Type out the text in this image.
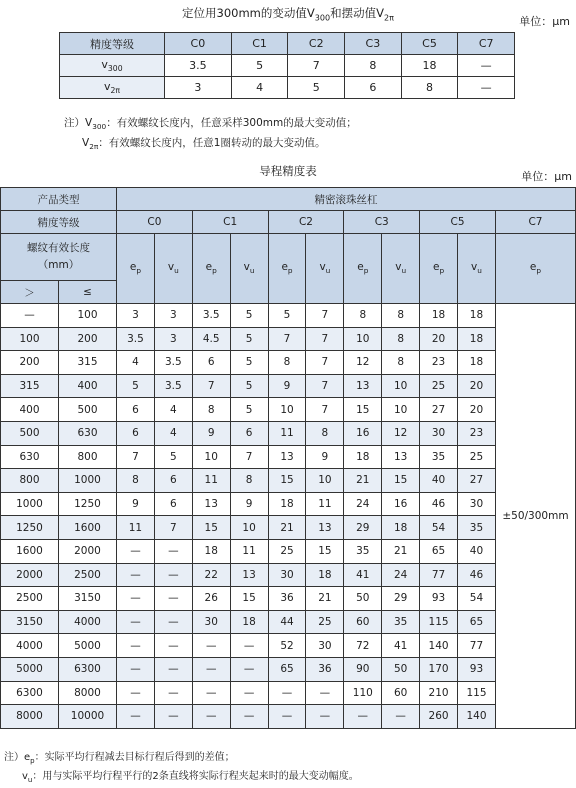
定位用300mm的变动值$V_{300}$和摆动值$V_{2\pi}$	单位：μm
精度等级	C0	C1	C2	C3	C5	C7
$v_{300}$	3.5	5	7	8	18	—
$v_{2\pi}$	3	4	5	6	8	—
注）$V_{300}$：有效螺纹长度内，任意采样300mm的最大变动值；
$V_{2\pi}$：有效螺纹长度内，任意1圈转动的最大变动值。
导程精度表	单位：μm
产品类型		精密滚珠丝杠										
精度等级		C0		C1		C2		C3		C5		C7
螺纹有效长度
（mm）		$e_p$	$v_u$	$e_p$	$v_u$	$e_p$	$v_u$	$e_p$	$v_u$	$e_p$	$v_u$	$e_p$
＞	≤											
—	100	3	3	3.5	5	5	7	8	8	18	18	±50/300mm
100	200	3.5	3	4.5	5	7	7	10	8	20	18	
200	315	4	3.5	6	5	8	7	12	8	23	18	
315	400	5	3.5	7	5	9	7	13	10	25	20	
400	500	6	4	8	5	10	7	15	10	27	20	
500	630	6	4	9	6	11	8	16	12	30	23	
630	800	7	5	10	7	13	9	18	13	35	25	
800	1000	8	6	11	8	15	10	21	15	40	27	
1000	1250	9	6	13	9	18	11	24	16	46	30	
1250	1600	11	7	15	10	21	13	29	18	54	35	
1600	2000	—	—	18	11	25	15	35	21	65	40	
2000	2500	—	—	22	13	30	18	41	24	77	46	
2500	3150	—	—	26	15	36	21	50	29	93	54	
3150	4000	—	—	30	18	44	25	60	35	115	65	
4000	5000	—	—	—	—	52	30	72	41	140	77	
5000	6300	—	—	—	—	65	36	90	50	170	93	
6300	8000	—	—	—	—	—	—	110	60	210	115	
8000	10000	—	—	—	—	—	—	—	—	260	140	
注）$e_p$：实际平均行程减去目标行程后得到的差值；
$v_u$：用与实际平均行程平行的2条直线将实际行程夹起来时的最大变动幅度。
